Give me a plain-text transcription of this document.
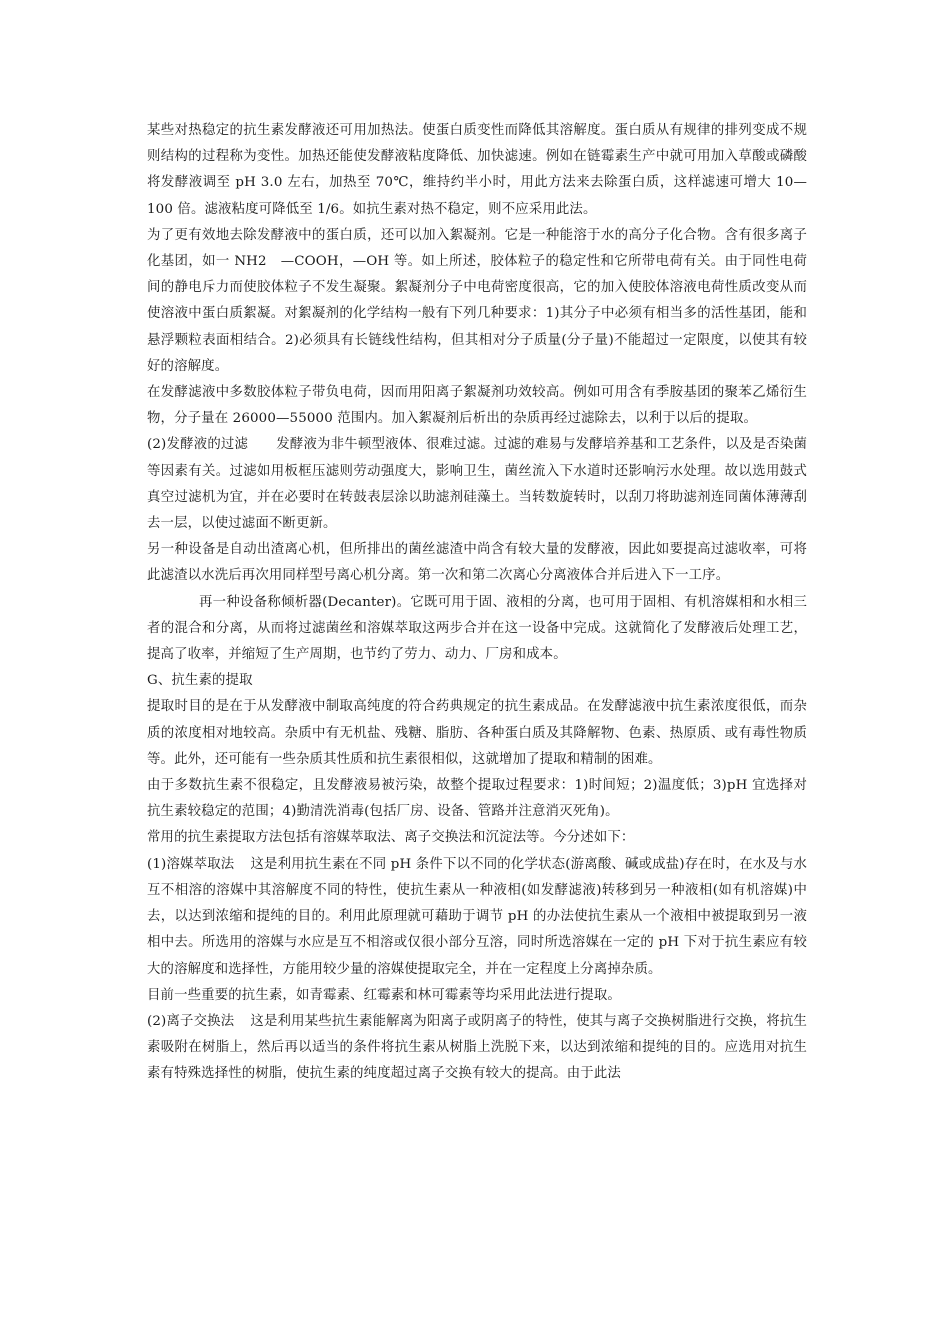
某些对热稳定的抗生素发酵液还可用加热法。使蛋白质变性而降低其溶解度。蛋白质从有规律的排列变成不规则结构的过程称为变性。加热还能使发酵液粘度降低、加快滤速。例如在链霉素生产中就可用加入草酸或磷酸将发酵液调至 pH 3.0 左右，加热至 70℃，维持约半小时，用此方法来去除蛋白质，这样滤速可增大 10—100 倍。滤液粘度可降低至 1/6。如抗生素对热不稳定，则不应采用此法。

为了更有效地去除发酵液中的蛋白质，还可以加入絮凝剂。它是一种能溶于水的高分子化合物。含有很多离子化基团，如一 NH2　—COOH，—OH 等。如上所述，胶体粒子的稳定性和它所带电荷有关。由于同性电荷间的静电斥力而使胶体粒子不发生凝聚。絮凝剂分子中电荷密度很高，它的加入使胶体溶液电荷性质改变从而使溶液中蛋白质絮凝。对絮凝剂的化学结构一般有下列几种要求：1)其分子中必须有相当多的活性基团，能和悬浮颗粒表面相结合。2)必须具有长链线性结构，但其相对分子质量(分子量)不能超过一定限度，以使其有较好的溶解度。

在发酵滤液中多数胶体粒子带负电荷，因而用阳离子絮凝剂功效较高。例如可用含有季胺基团的聚苯乙烯衍生物，分子量在 26000—55000 范围内。加入絮凝剂后析出的杂质再经过滤除去，以利于以后的提取。

(2)发酵液的过滤 发酵液为非牛顿型液体、很难过滤。过滤的难易与发酵培养基和工艺条件，以及是否染菌等因素有关。过滤如用板框压滤则劳动强度大，影响卫生，菌丝流入下水道时还影响污水处理。故以选用鼓式真空过滤机为宜，并在必要时在转鼓表层涂以助滤剂硅藻土。当转数旋转时，以刮刀将助滤剂连同菌体薄薄刮去一层，以使过滤面不断更新。

另一种设备是自动出渣离心机，但所排出的菌丝滤渣中尚含有较大量的发酵液，因此如要提高过滤收率，可将此滤渣以水洗后再次用同样型号离心机分离。第一次和第二次离心分离液体合并后进入下一工序。

再一种设备称倾析器(Decanter)。它既可用于固、液相的分离，也可用于固相、有机溶媒相和水相三者的混合和分离，从而将过滤菌丝和溶媒萃取这两步合并在这一设备中完成。这就简化了发酵液后处理工艺，提高了收率，并缩短了生产周期，也节约了劳力、动力、厂房和成本。

G、抗生素的提取

提取时目的是在于从发酵液中制取高纯度的符合药典规定的抗生素成品。在发酵滤液中抗生素浓度很低，而杂质的浓度相对地较高。杂质中有无机盐、残糖、脂肪、各种蛋白质及其降解物、色素、热原质、或有毒性物质等。此外，还可能有一些杂质其性质和抗生素很相似，这就增加了提取和精制的困难。

由于多数抗生素不很稳定，且发酵液易被污染，故整个提取过程要求：1)时间短；2)温度低；3)pH 宜选择对抗生素较稳定的范围；4)勤清洗消毒(包括厂房、设备、管路并注意消灭死角)。

常用的抗生素提取方法包括有溶媒萃取法、离子交换法和沉淀法等。今分述如下：

(1)溶媒萃取法 这是利用抗生素在不同 pH 条件下以不同的化学状态(游离酸、碱或成盐)存在时，在水及与水互不相溶的溶媒中其溶解度不同的特性，使抗生素从一种液相(如发酵滤液)转移到另一种液相(如有机溶媒)中去，以达到浓缩和提纯的目的。利用此原理就可藉助于调节 pH 的办法使抗生素从一个液相中被提取到另一液相中去。所选用的溶媒与水应是互不相溶或仅很小部分互溶，同时所选溶媒在一定的 pH 下对于抗生素应有较大的溶解度和选择性，方能用较少量的溶媒使提取完全，并在一定程度上分离掉杂质。

目前一些重要的抗生素，如青霉素、红霉素和林可霉素等均采用此法进行提取。

(2)离子交换法 这是利用某些抗生素能解离为阳离子或阴离子的特性，使其与离子交换树脂进行交换，将抗生素吸附在树脂上，然后再以适当的条件将抗生素从树脂上洗脱下来，以达到浓缩和提纯的目的。应选用对抗生素有特殊选择性的树脂，使抗生素的纯度超过离子交换有较大的提高。由于此法
